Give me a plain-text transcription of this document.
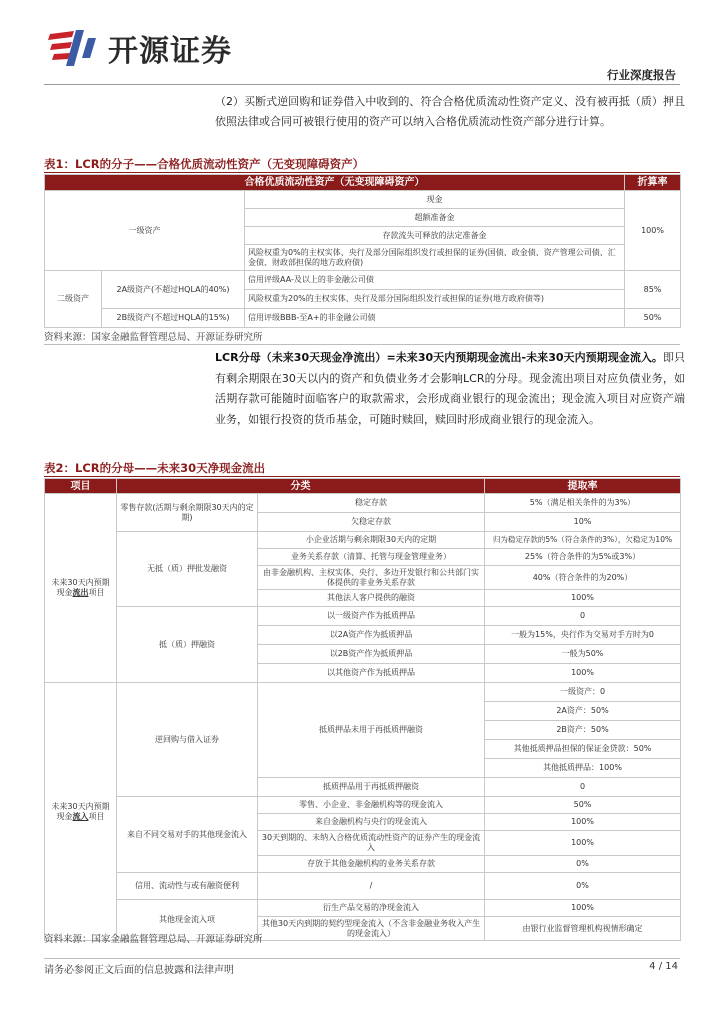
开源证券
行业深度报告

（2）买断式逆回购和证券借入中收到的、符合合格优质流动性资产定义、没有被再抵（质）押且依照法律或合同可被银行使用的资产可以纳入合格优质流动性资产部分进行计算。

表1：LCR的分子——合格优质流动性资产（无变现障碍资产）
合格优质流动性资产（无变现障碍资产）			折算率
一级资产		现金	100%
		超额准备金	
		存款流失可释放的法定准备金	
		风险权重为0%的主权实体、央行及部分国际组织发行或担保的证券(国债、政金债、资产管理公司债、汇金债、财政部担保的地方政府债)	
二级资产	2A级资产(不超过HQLA的40%)	信用评级AA-及以上的非金融公司债	85%
		风险权重为20%的主权实体、央行及部分国际组织发行或担保的证券(地方政府债等)	
	2B级资产(不超过HQLA的15%)	信用评级BBB-至A+的非金融公司债	50%
资料来源：国家金融监督管理总局、开源证券研究所

LCR分母（未来30天现金净流出）=未来30天内预期现金流出-未来30天内预期现金流入。即只有剩余期限在30天以内的资产和负债业务才会影响LCR的分母。现金流出项目对应负债业务，如活期存款可能随时面临客户的取款需求，会形成商业银行的现金流出；现金流入项目对应资产端业务，如银行投资的货币基金，可随时赎回，赎回时形成商业银行的现金流入。

表2：LCR的分母——未来30天净现金流出
项目	分类		提取率
未来30天内预期现金流出项目	零售存款(活期与剩余期限30天内的定期)	稳定存款	5%（满足相关条件的为3%）
		欠稳定存款	10%
	无抵（质）押批发融资	小企业活期与剩余期限30天内的定期	归为稳定存款的5%（符合条件的3%），欠稳定为10%
		业务关系存款（清算、托管与现金管理业务）	25%（符合条件的为5%或3%）
		由非金融机构、主权实体、央行、多边开发银行和公共部门实体提供的非业务关系存款	40%（符合条件的为20%）
		其他法人客户提供的融资	100%
	抵（质）押融资	以一级资产作为抵质押品	0
		以2A资产作为抵质押品	一般为15%，央行作为交易对手方时为0
		以2B资产作为抵质押品	一般为50%
		以其他资产作为抵质押品	100%
未来30天内预期现金流入项目	逆回购与借入证券	抵质押品未用于再抵质押融资	一级资产：0
			2A资产：50%
			2B资产：50%
			其他抵质押品担保的保证金贷款：50%
			其他抵质押品：100%
		抵质押品用于再抵质押融资	0
	来自不同交易对手的其他现金流入	零售、小企业、非金融机构等的现金流入	50%
		来自金融机构与央行的现金流入	100%
		30天到期的、未纳入合格优质流动性资产的证券产生的现金流入	100%
		存放于其他金融机构的业务关系存款	0%
	信用、流动性与或有融资便利	/	0%
	其他现金流入项	衍生产品交易的净现金流入	100%
		其他30天内到期的契约型现金流入（不含非金融业务收入产生的现金流入）	由银行业监督管理机构视情形确定
资料来源：国家金融监督管理总局、开源证券研究所
请务必参阅正文后面的信息披露和法律声明	4 / 14
